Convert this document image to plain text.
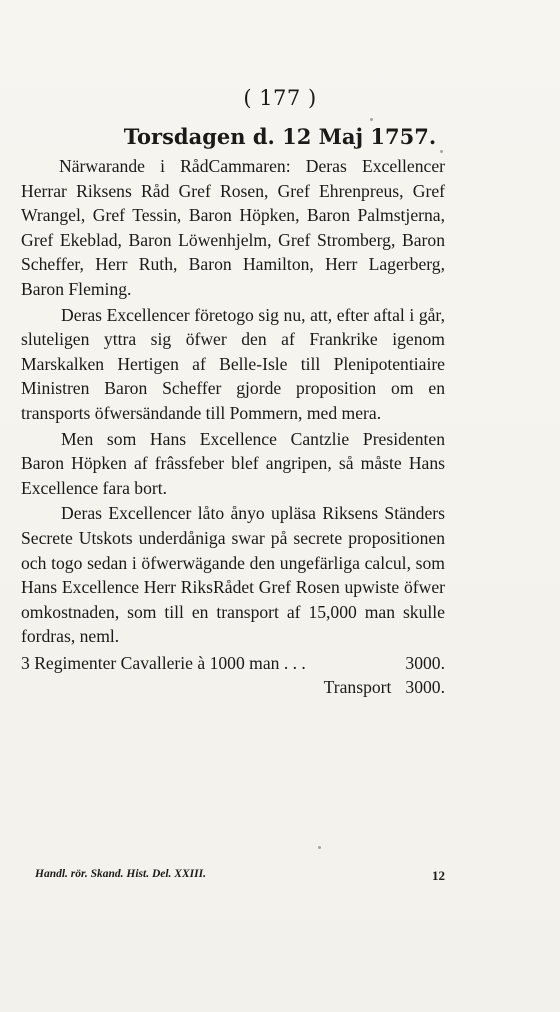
( 177 )
Torsdagen d. 12 Maj 1757.

Närwarande i RådCammaren: Deras Excellencer Herrar Riksens Råd Gref Rosen, Gref Ehrenpreus, Gref Wrangel, Gref Tessin, Baron Höpken, Baron Palmstjerna, Gref Ekeblad, Baron Löwenhjelm, Gref Stromberg, Baron Scheffer, Herr Ruth, Baron Hamilton, Herr Lagerberg, Baron Fleming.

Deras Excellencer företogo sig nu, att, efter aftal i går, sluteligen yttra sig öfwer den af Frankrike igenom Marskalken Hertigen af Belle-Isle till Plenipotentiaire Ministren Baron Scheffer gjorde proposition om en transports öfwersändande till Pommern, med mera.

Men som Hans Excellence Cantzlie Presidenten Baron Höpken af frâssfeber blef angripen, så måste Hans Excellence fara bort.

Deras Excellencer låto ånyo upläsa Riksens Ständers Secrete Utskots underdåniga swar på secrete propositionen och togo sedan i öfwerwägande den ungefärliga calcul, som Hans Excellence Herr RiksRådet Gref Rosen upwiste öfwer omkostnaden, som till en transport af 15,000 man skulle fordras, neml.

3 Regimenter Cavallerie à 1000 man . . .	3000.
Transport 3000.
Handl. rör. Skand. Hist. Del. XXIII.	12
